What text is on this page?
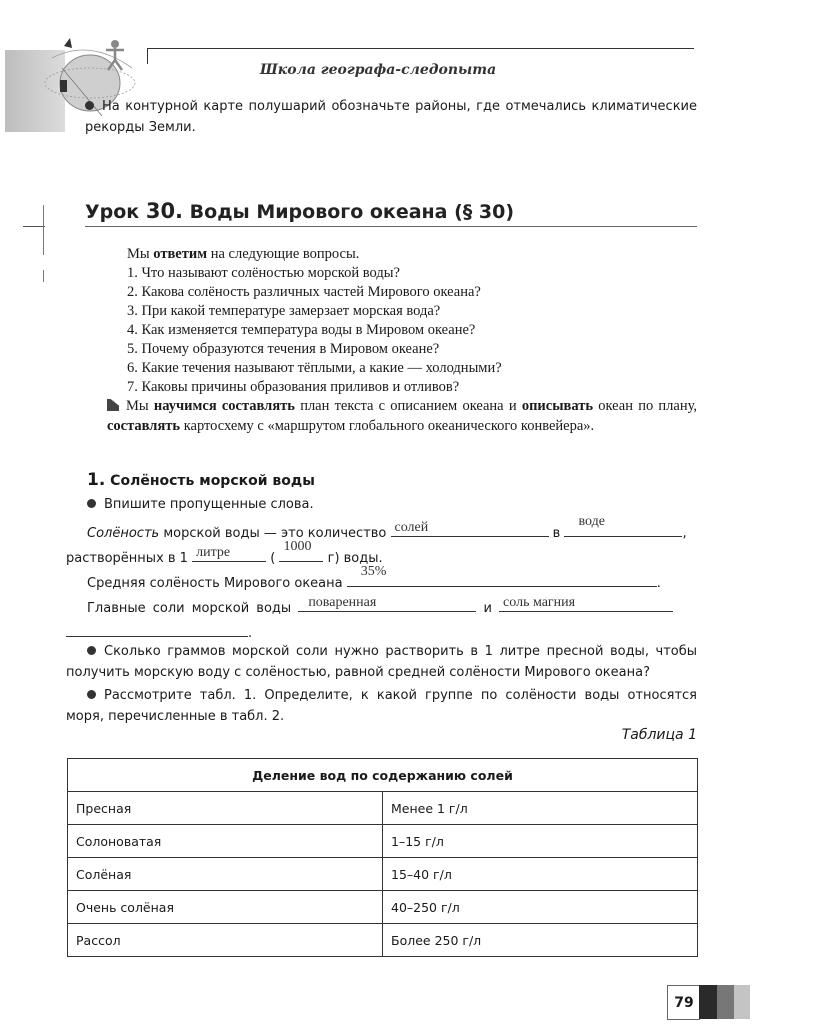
Школа географа-следопыта
На контурной карте полушарий обозначьте районы, где отмечались климатические рекорды Земли.
Урок 30. Воды Мирового океана (§ 30)
Мы ответим на следующие вопросы.
1. Что называют солёностью морской воды?
2. Какова солёность различных частей Мирового океана?
3. При какой температуре замерзает морская вода?
4. Как изменяется температура воды в Мировом океане?
5. Почему образуются течения в Мировом океане?
6. Какие течения называют тёплыми, а какие — холодными?
7. Каковы причины образования приливов и отливов?
Мы научимся составлять план текста с описанием океана и описывать океан по плану, составлять картосхему с «маршрутом глобального океанического конвейера».
1. Солёность морской воды
Впишите пропущенные слова.
Солёность морской воды — это количество солей	в
воде
,
растворённых в 1 литре	(
1000
г) воды.
Средняя солёность Мирового океана
35%
.
Главные соли морской воды поваренная	и соль магния
.
Сколько граммов морской соли нужно растворить в 1 литре пресной воды, чтобы получить морскую воду с солёностью, равной средней солёности Мирового океана?
Рассмотрите табл. 1. Определите, к какой группе по солёности воды относятся моря, перечисленные в табл. 2.
Таблица 1
Деление вод по содержанию солей	
Пресная	Менее 1 г/л
Солоноватая	1–15 г/л
Солёная	15–40 г/л
Очень солёная	40–250 г/л
Рассол	Более 250 г/л
79
